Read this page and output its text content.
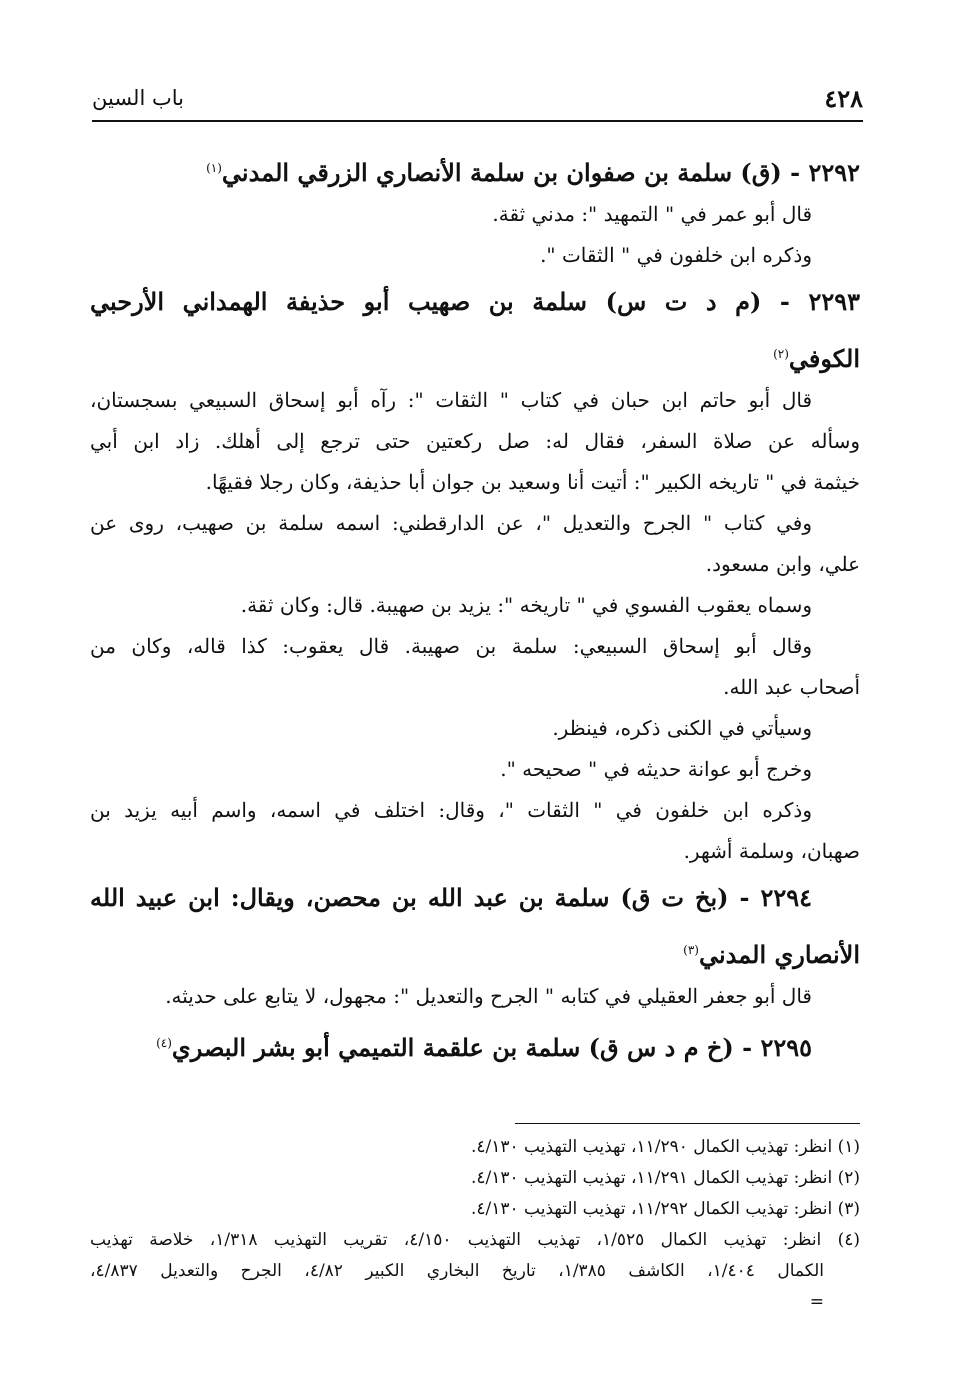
٤٢٨
باب السين
٢٢٩٢ - (ق) سلمة بن صفوان بن سلمة الأنصاري الزرقي المدني$^{(١)}$
قال أبو عمر في " التمهيد ": مدني ثقة.
وذكره ابن خلفون في " الثقات ".
٢٢٩٣ - (م د ت س) سلمة بن صهيب أبو حذيفة الهمداني الأرحبي
الكوفي$^{(٢)}$
قال أبو حاتم ابن حبان في كتاب " الثقات ": رآه أبو إسحاق السبيعي بسجستان،
وسأله عن صلاة السفر، فقال له: صل ركعتين حتى ترجع إلى أهلك. زاد ابن أبي
خيثمة في " تاريخه الكبير ": أتيت أنا وسعيد بن جوان أبا حذيفة، وكان رجلا فقيهًا.
وفي كتاب " الجرح والتعديل "، عن الدارقطني: اسمه سلمة بن صهيب، روى عن
علي، وابن مسعود.
وسماه يعقوب الفسوي في " تاريخه ": يزيد بن صهيبة. قال: وكان ثقة.
وقال أبو إسحاق السبيعي: سلمة بن صهيبة. قال يعقوب: كذا قاله، وكان من
أصحاب عبد الله.
وسيأتي في الكنى ذكره، فينظر.
وخرج أبو عوانة حديثه في " صحيحه ".
وذكره ابن خلفون في " الثقات "، وقال: اختلف في اسمه، واسم أبيه يزيد بن
صهبان، وسلمة أشهر.
٢٢٩٤ - (بخ ت ق) سلمة بن عبد الله بن محصن، ويقال: ابن عبيد الله
الأنصاري المدني$^{(٣)}$
قال أبو جعفر العقيلي في كتابه " الجرح والتعديل ": مجهول، لا يتابع على حديثه.
٢٢٩٥ - (خ م د س ق) سلمة بن علقمة التميمي أبو بشر البصري$^{(٤)}$
(١) انظر: تهذيب الكمال ١١/٢٩٠، تهذيب التهذيب ٤/١٣٠.
(٢) انظر: تهذيب الكمال ١١/٢٩١، تهذيب التهذيب ٤/١٣٠.
(٣) انظر: تهذيب الكمال ١١/٢٩٢، تهذيب التهذيب ٤/١٣٠.
(٤) انظر: تهذيب الكمال ١/٥٢٥، تهذيب التهذيب ٤/١٥٠، تقريب التهذيب ١/٣١٨، خلاصة تهذيب
الكمال ١/٤٠٤، الكاشف ١/٣٨٥، تاريخ البخاري الكبير ٤/٨٢، الجرح والتعديل ٤/٨٣٧،
=
